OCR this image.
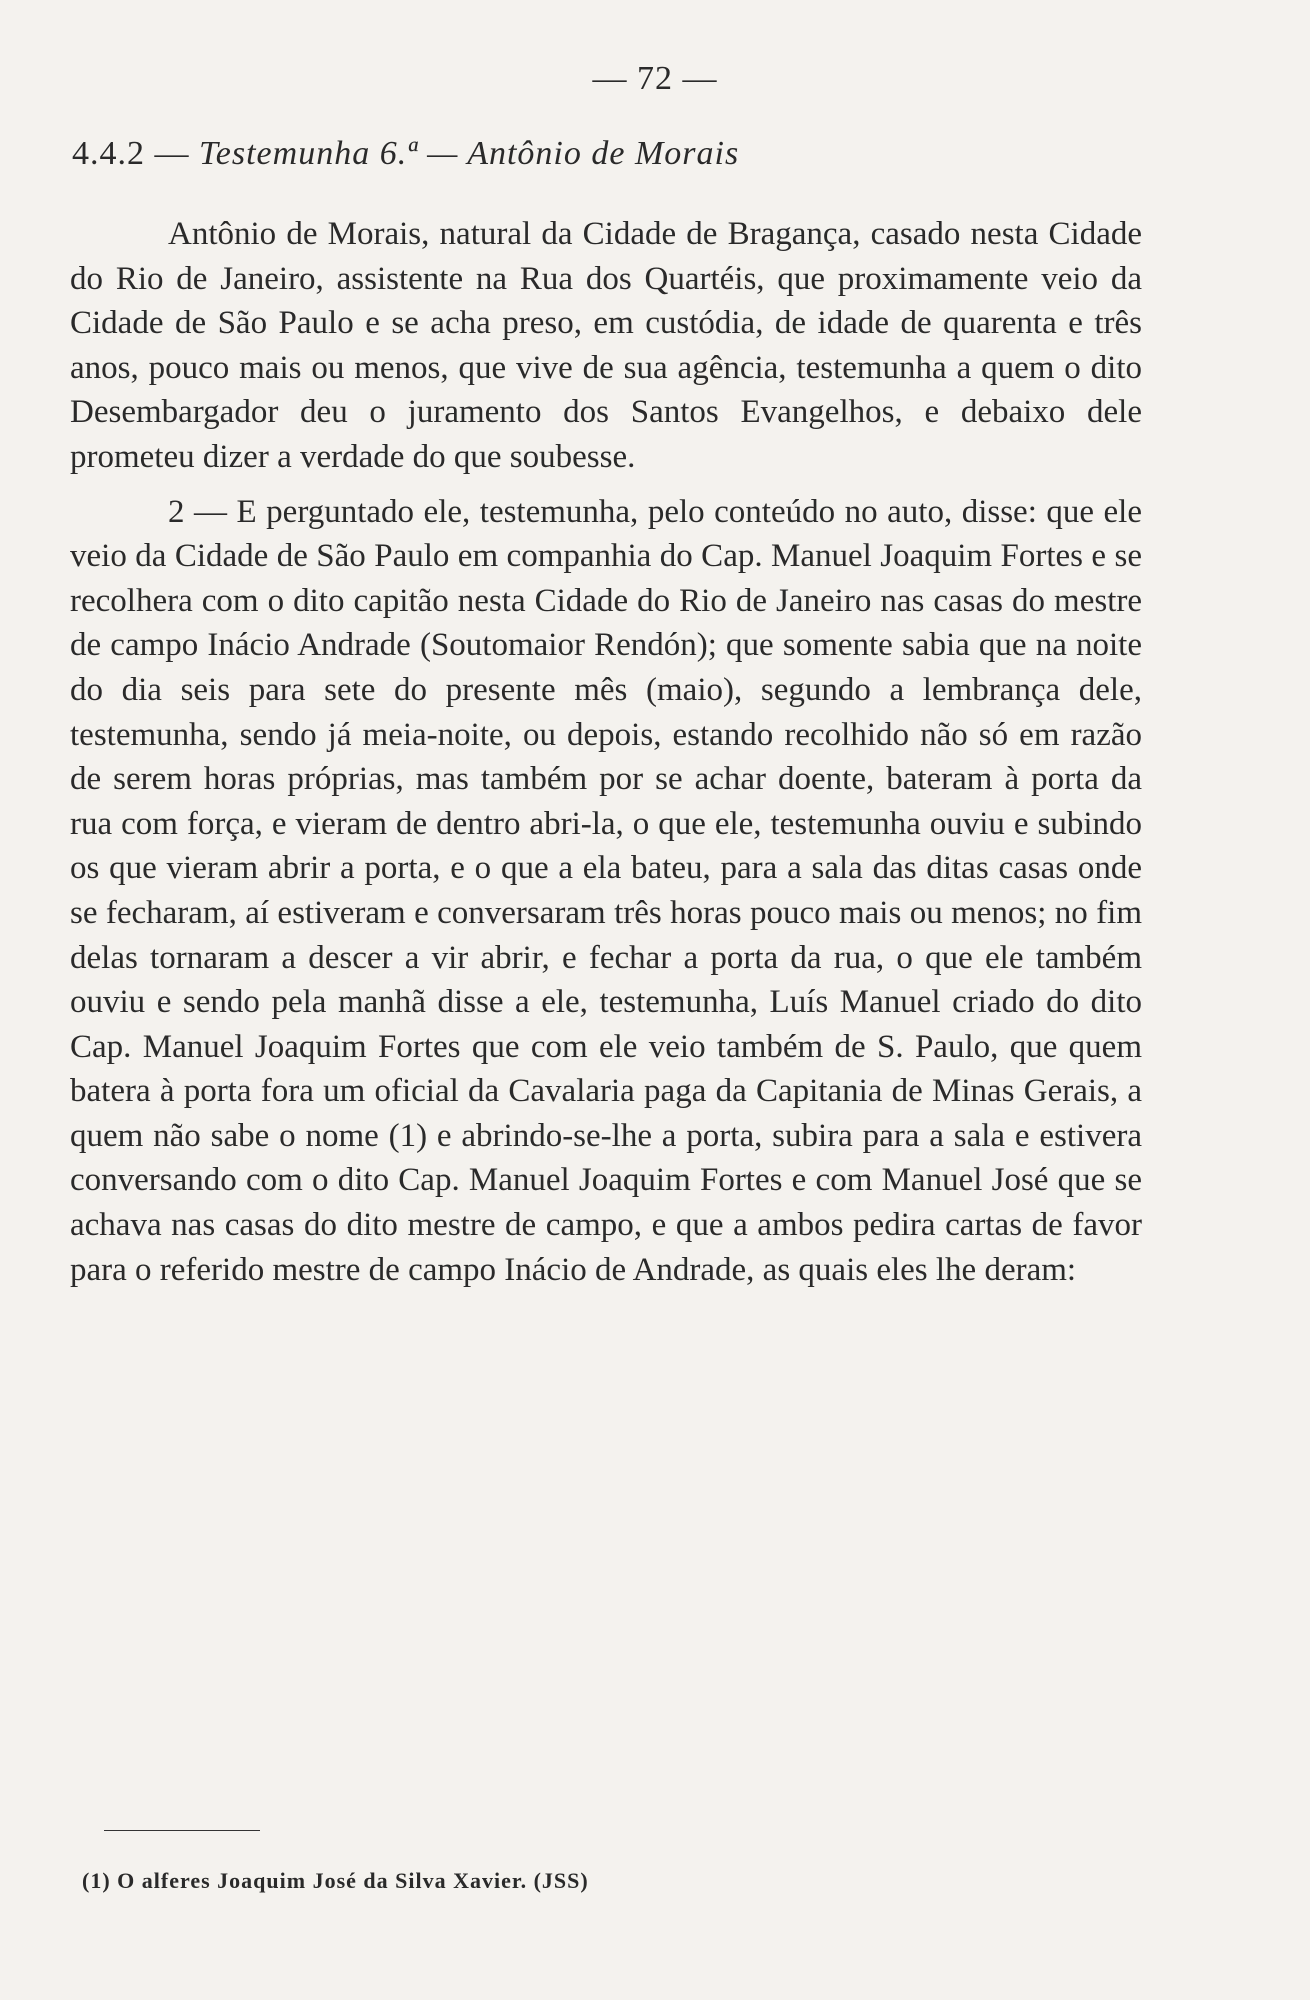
— 72 —
4.4.2 — Testemunha 6.ª — Antônio de Morais

Antônio de Morais, natural da Cidade de Bragança, casado nesta Cidade do Rio de Janeiro, assistente na Rua dos Quartéis, que proximamente veio da Cidade de São Paulo e se acha preso, em custódia, de idade de quarenta e três anos, pouco mais ou menos, que vive de sua agência, testemunha a quem o dito Desembargador deu o juramento dos Santos Evangelhos, e debaixo dele prometeu dizer a verdade do que soubesse.

2 — E perguntado ele, testemunha, pelo conteúdo no auto, disse: que ele veio da Cidade de São Paulo em companhia do Cap. Manuel Joaquim Fortes e se recolhera com o dito capitão nesta Cidade do Rio de Janeiro nas casas do mestre de campo Inácio Andrade (Soutomaior Rendón); que somente sabia que na noite do dia seis para sete do presente mês (maio), segundo a lembrança dele, testemunha, sendo já meia-noite, ou depois, estando recolhido não só em razão de serem horas próprias, mas também por se achar doente, bateram à porta da rua com força, e vieram de dentro abri-la, o que ele, testemunha ouviu e subindo os que vieram abrir a porta, e o que a ela bateu, para a sala das ditas casas onde se fecharam, aí estiveram e conversaram três horas pouco mais ou menos; no fim delas tornaram a descer a vir abrir, e fechar a porta da rua, o que ele também ouviu e sendo pela manhã disse a ele, testemunha, Luís Manuel criado do dito Cap. Manuel Joaquim Fortes que com ele veio também de S. Paulo, que quem batera à porta fora um oficial da Cavalaria paga da Capitania de Minas Gerais, a quem não sabe o nome (1) e abrindo-se-lhe a porta, subira para a sala e estivera conversando com o dito Cap. Manuel Joaquim Fortes e com Manuel José que se achava nas casas do dito mestre de campo, e que a ambos pedira cartas de favor para o referido mestre de campo Inácio de Andrade, as quais eles lhe deram:

(1) O alferes Joaquim José da Silva Xavier. (JSS)
